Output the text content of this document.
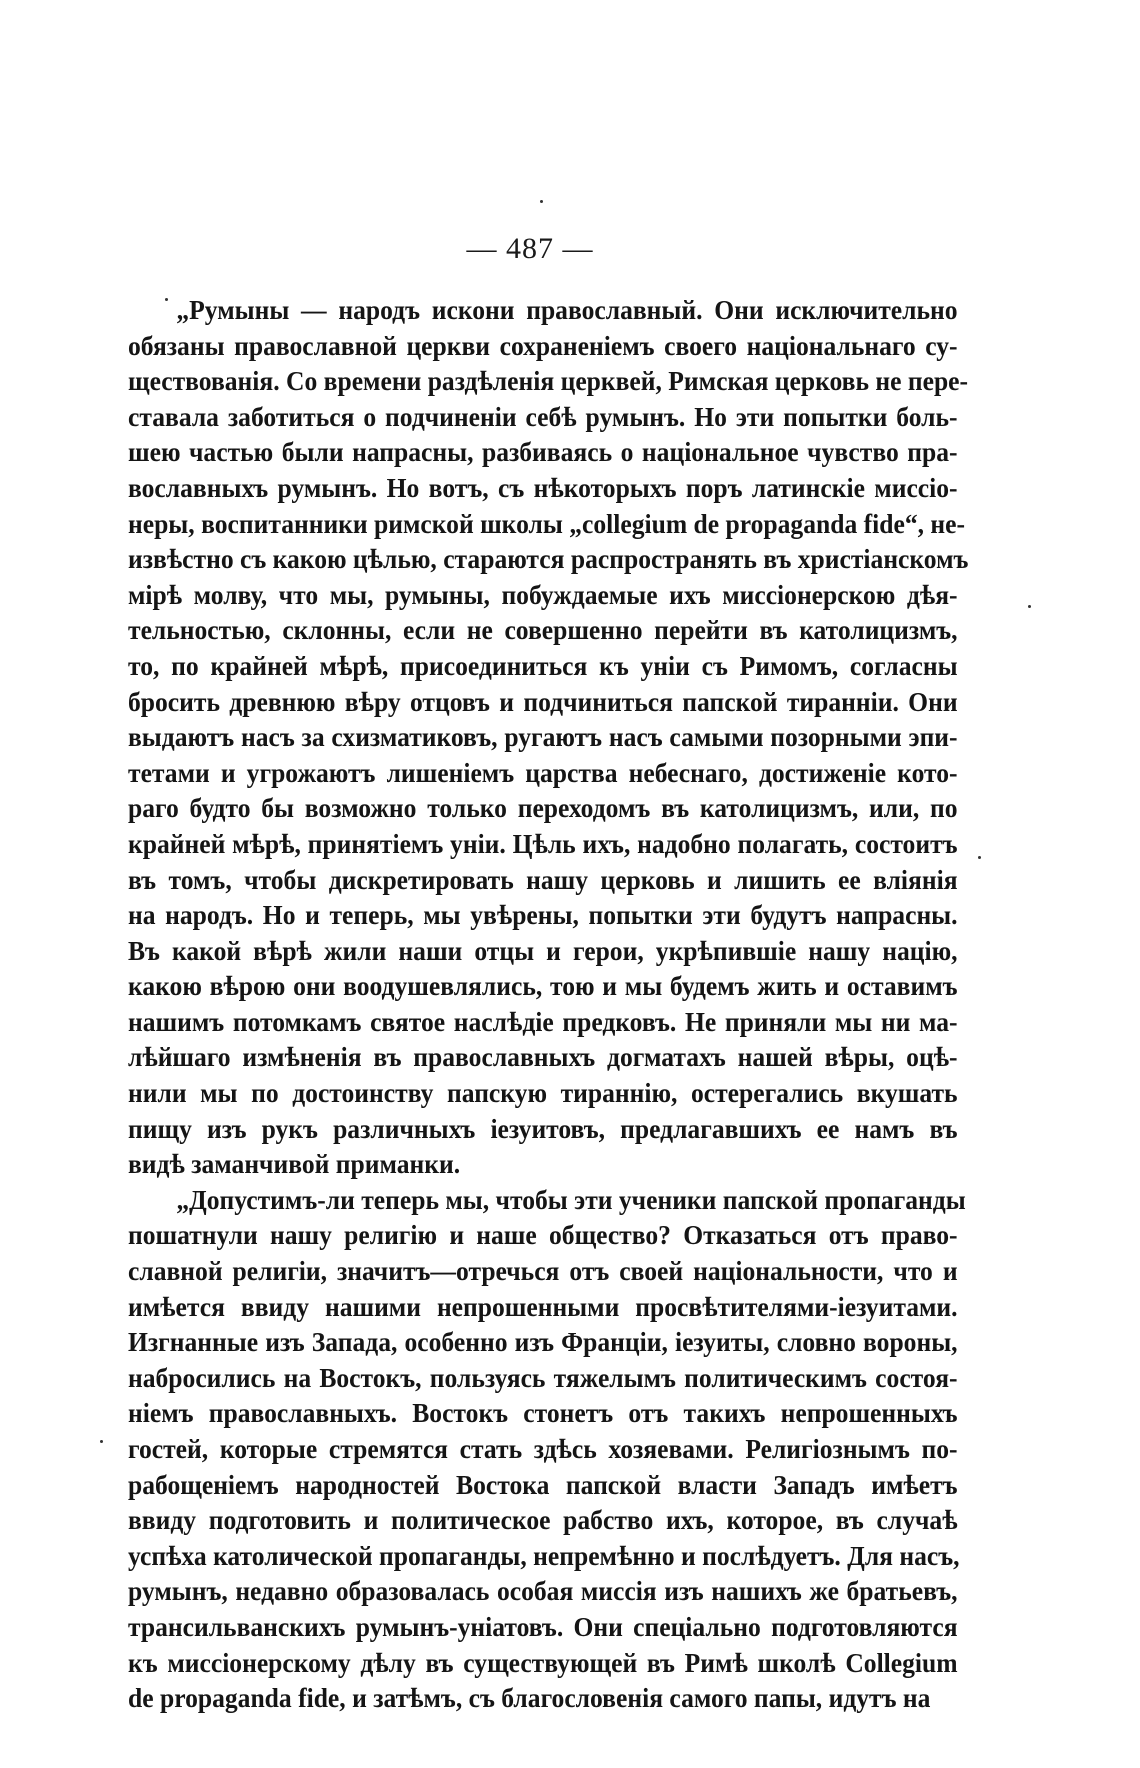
— 487 —
„Румыны — народъ искони православный. Они исключительно
обязаны православной церкви сохраненіемъ своего національнаго су-
ществованія. Со времени раздѣленія церквей, Римская церковь не пере-
ставала заботиться о подчиненіи себѣ румынъ. Но эти попытки боль-
шею частью были напрасны, разбиваясь о національное чувство пра-
вославныхъ румынъ. Но вотъ, съ нѣкоторыхъ поръ латинскіе миссіо-
неры, воспитанники римской школы „collegium de propaganda fide“, не-
извѣстно съ какою цѣлью, стараются распространять въ христіанскомъ
мірѣ молву, что мы, румыны, побуждаемые ихъ миссіонерскою дѣя-
тельностью, склонны, если не совершенно перейти въ католицизмъ,
то, по крайней мѣрѣ, присоединиться къ уніи съ Римомъ, согласны
бросить древнюю вѣру отцовъ и подчиниться папской тиранніи. Они
выдаютъ насъ за схизматиковъ, ругаютъ насъ самыми позорными эпи-
тетами и угрожаютъ лишеніемъ царства небеснаго, достиженіе кото-
раго будто бы возможно только переходомъ въ католицизмъ, или, по
крайней мѣрѣ, принятіемъ уніи. Цѣль ихъ, надобно полагать, состоитъ
въ томъ, чтобы дискретировать нашу церковь и лишить ее вліянія
на народъ. Но и теперь, мы увѣрены, попытки эти будутъ напрасны.
Въ какой вѣрѣ жили наши отцы и герои, укрѣпившіе нашу націю,
какою вѣрою они воодушевлялись, тою и мы будемъ жить и оставимъ
нашимъ потомкамъ святое наслѣдіе предковъ. Не приняли мы ни ма-
лѣйшаго измѣненія въ православныхъ догматахъ нашей вѣры, оцѣ-
нили мы по достоинству папскую тираннію, остерегались вкушать
пищу изъ рукъ различныхъ іезуитовъ, предлагавшихъ ее намъ въ
видѣ заманчивой приманки.
„Допустимъ-ли теперь мы, чтобы эти ученики папской пропаганды
пошатнули нашу религію и наше общество? Отказаться отъ право-
славной религіи, значитъ—отречься отъ своей національности, что и
имѣется ввиду нашими непрошенными просвѣтителями-іезуитами.
Изгнанные изъ Запада, особенно изъ Франціи, іезуиты, словно вороны,
набросились на Востокъ, пользуясь тяжелымъ политическимъ состоя-
ніемъ православныхъ. Востокъ стонетъ отъ такихъ непрошенныхъ
гостей, которые стремятся стать здѣсь хозяевами. Религіознымъ по-
рабощеніемъ народностей Востока папской власти Западъ имѣетъ
ввиду подготовить и политическое рабство ихъ, которое, въ случаѣ
успѣха католической пропаганды, непремѣнно и послѣдуетъ. Для насъ,
румынъ, недавно образовалась особая миссія изъ нашихъ же братьевъ,
трансильванскихъ румынъ-уніатовъ. Они спеціально подготовляются
къ миссіонерскому дѣлу въ существующей въ Римѣ школѣ Collegium
de propaganda fide, и затѣмъ, съ благословенія самого папы, идутъ на
